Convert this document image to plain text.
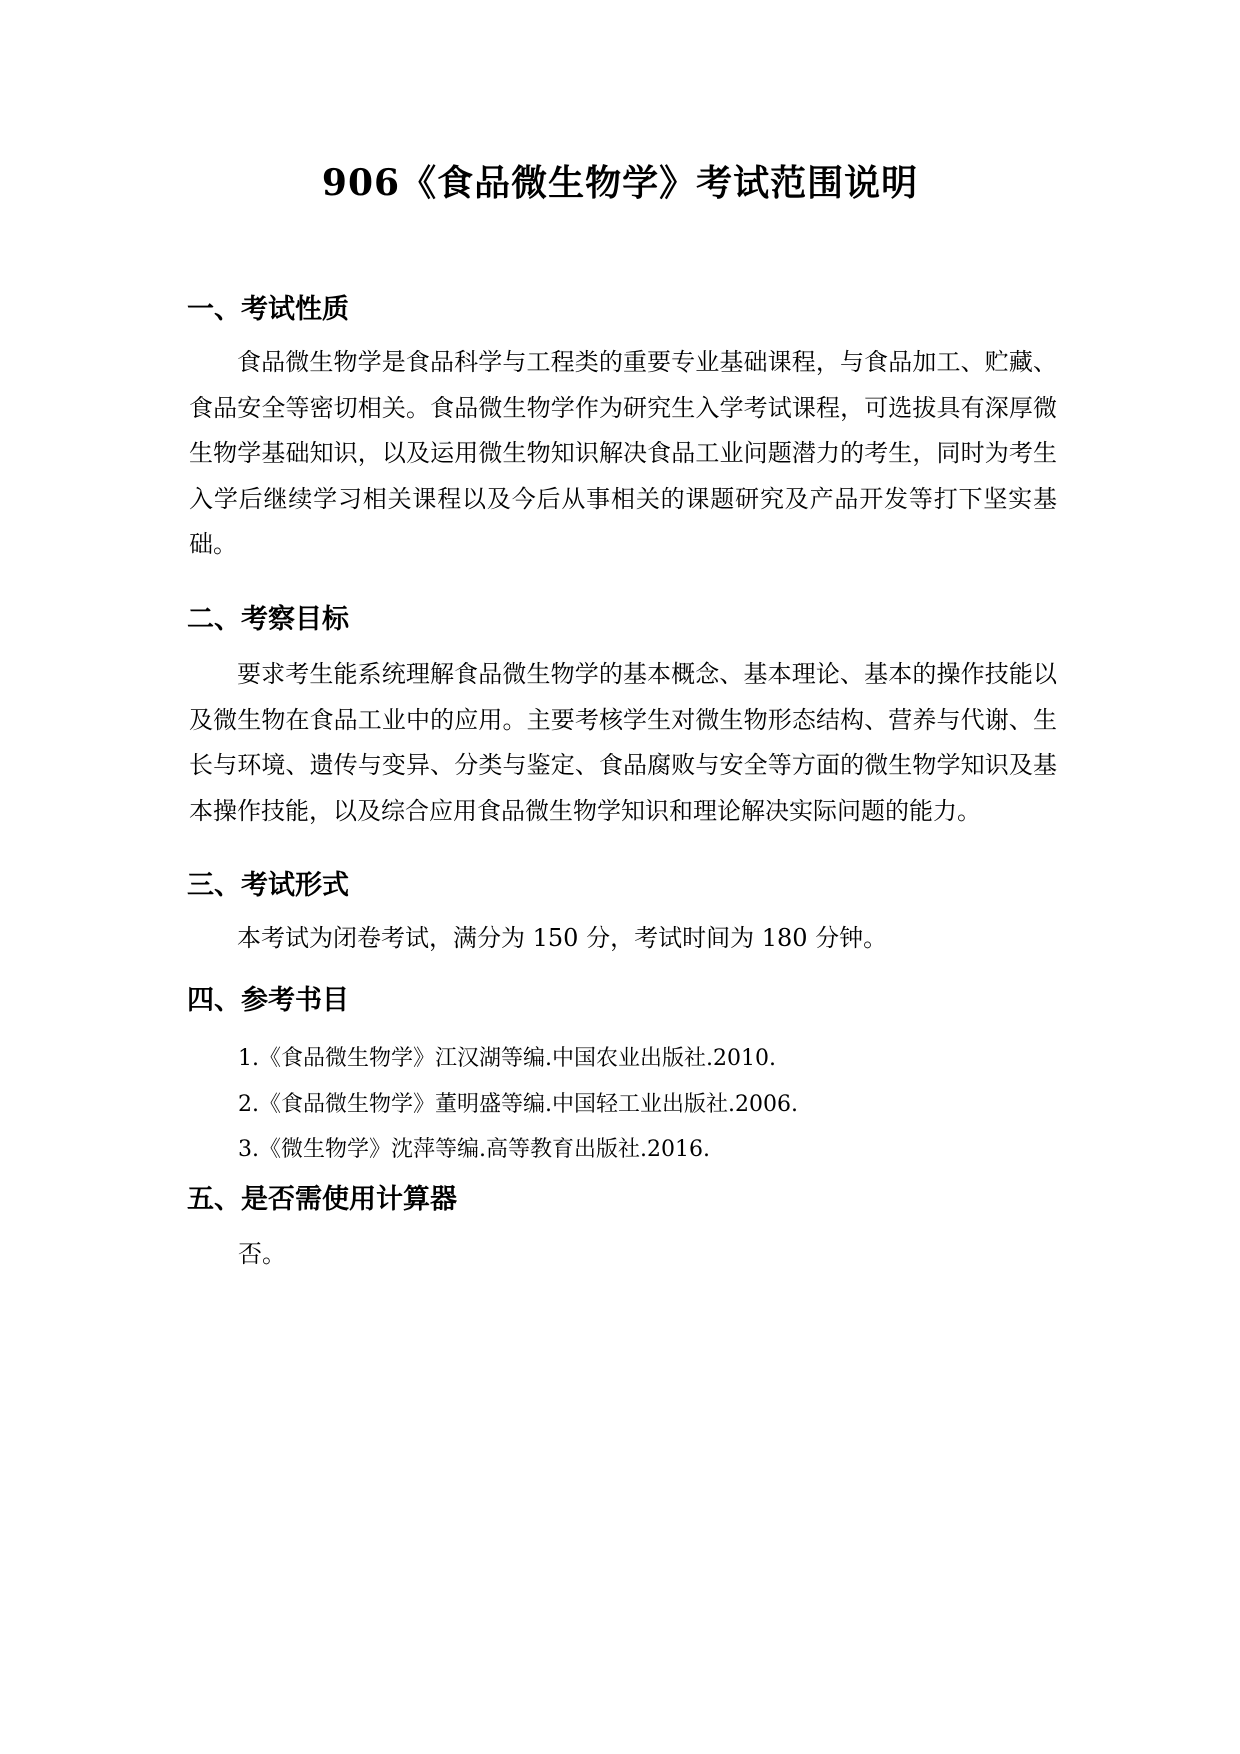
906《食品微生物学》考试范围说明
一、考试性质

食品微生物学是食品科学与工程类的重要专业基础课程，与食品加工、贮藏、食品安全等密切相关。食品微生物学作为研究生入学考试课程，可选拔具有深厚微生物学基础知识，以及运用微生物知识解决食品工业问题潜力的考生，同时为考生入学后继续学习相关课程以及今后从事相关的课题研究及产品开发等打下坚实基础。

二、考察目标

要求考生能系统理解食品微生物学的基本概念、基本理论、基本的操作技能以及微生物在食品工业中的应用。主要考核学生对微生物形态结构、营养与代谢、生长与环境、遗传与变异、分类与鉴定、食品腐败与安全等方面的微生物学知识及基本操作技能，以及综合应用食品微生物学知识和理论解决实际问题的能力。

三、考试形式

本考试为闭卷考试，满分为 150 分，考试时间为 180 分钟。

四、参考书目
1.《食品微生物学》江汉湖等编.中国农业出版社.2010.
2.《食品微生物学》董明盛等编.中国轻工业出版社.2006.
3.《微生物学》沈萍等编.高等教育出版社.2016.
五、是否需使用计算器

否。
